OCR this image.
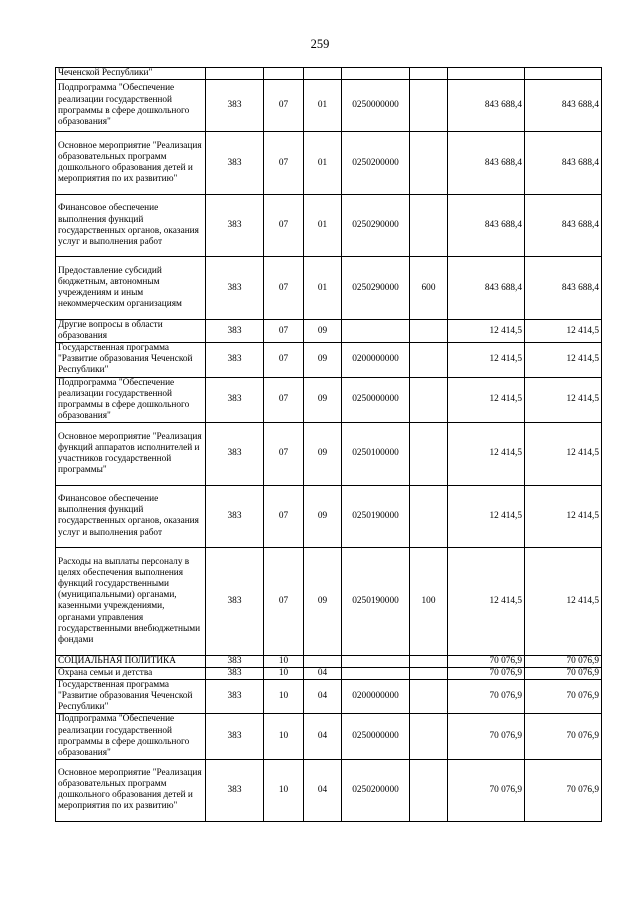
259
Чеченской Республики"							
Подпрограмма "Обеспечение реализации государственной программы в сфере дошкольного образования"	383	07	01	0250000000		843 688,4	843 688,4
Основное мероприятие "Реализация образовательных программ дошкольного образования детей и мероприятия по их развитию"	383	07	01	0250200000		843 688,4	843 688,4
Финансовое обеспечение выполнения функций государственных органов, оказания услуг и выполнения работ	383	07	01	0250290000		843 688,4	843 688,4
Предоставление субсидий бюджетным, автономным учреждениям и иным некоммерческим организациям	383	07	01	0250290000	600	843 688,4	843 688,4
Другие вопросы в области образования	383	07	09			12 414,5	12 414,5
Государственная программа "Развитие образования Чеченской Республики"	383	07	09	0200000000		12 414,5	12 414,5
Подпрограмма "Обеспечение реализации государственной программы в сфере дошкольного образования"	383	07	09	0250000000		12 414,5	12 414,5
Основное мероприятие "Реализация функций аппаратов исполнителей и участников государственной программы"	383	07	09	0250100000		12 414,5	12 414,5
Финансовое обеспечение выполнения функций государственных органов, оказания услуг и выполнения работ	383	07	09	0250190000		12 414,5	12 414,5
Расходы на выплаты персоналу в целях обеспечения выполнения функций государственными (муниципальными) органами, казенными учреждениями, органами управления государственными внебюджетными фондами	383	07	09	0250190000	100	12 414,5	12 414,5
СОЦИАЛЬНАЯ ПОЛИТИКА	383	10				70 076,9	70 076,9
Охрана семьи и детства	383	10	04			70 076,9	70 076,9
Государственная программа "Развитие образования Чеченской Республики"	383	10	04	0200000000		70 076,9	70 076,9
Подпрограмма "Обеспечение реализации государственной программы в сфере дошкольного образования"	383	10	04	0250000000		70 076,9	70 076,9
Основное мероприятие "Реализация образовательных программ дошкольного образования детей и мероприятия по их развитию"	383	10	04	0250200000		70 076,9	70 076,9
